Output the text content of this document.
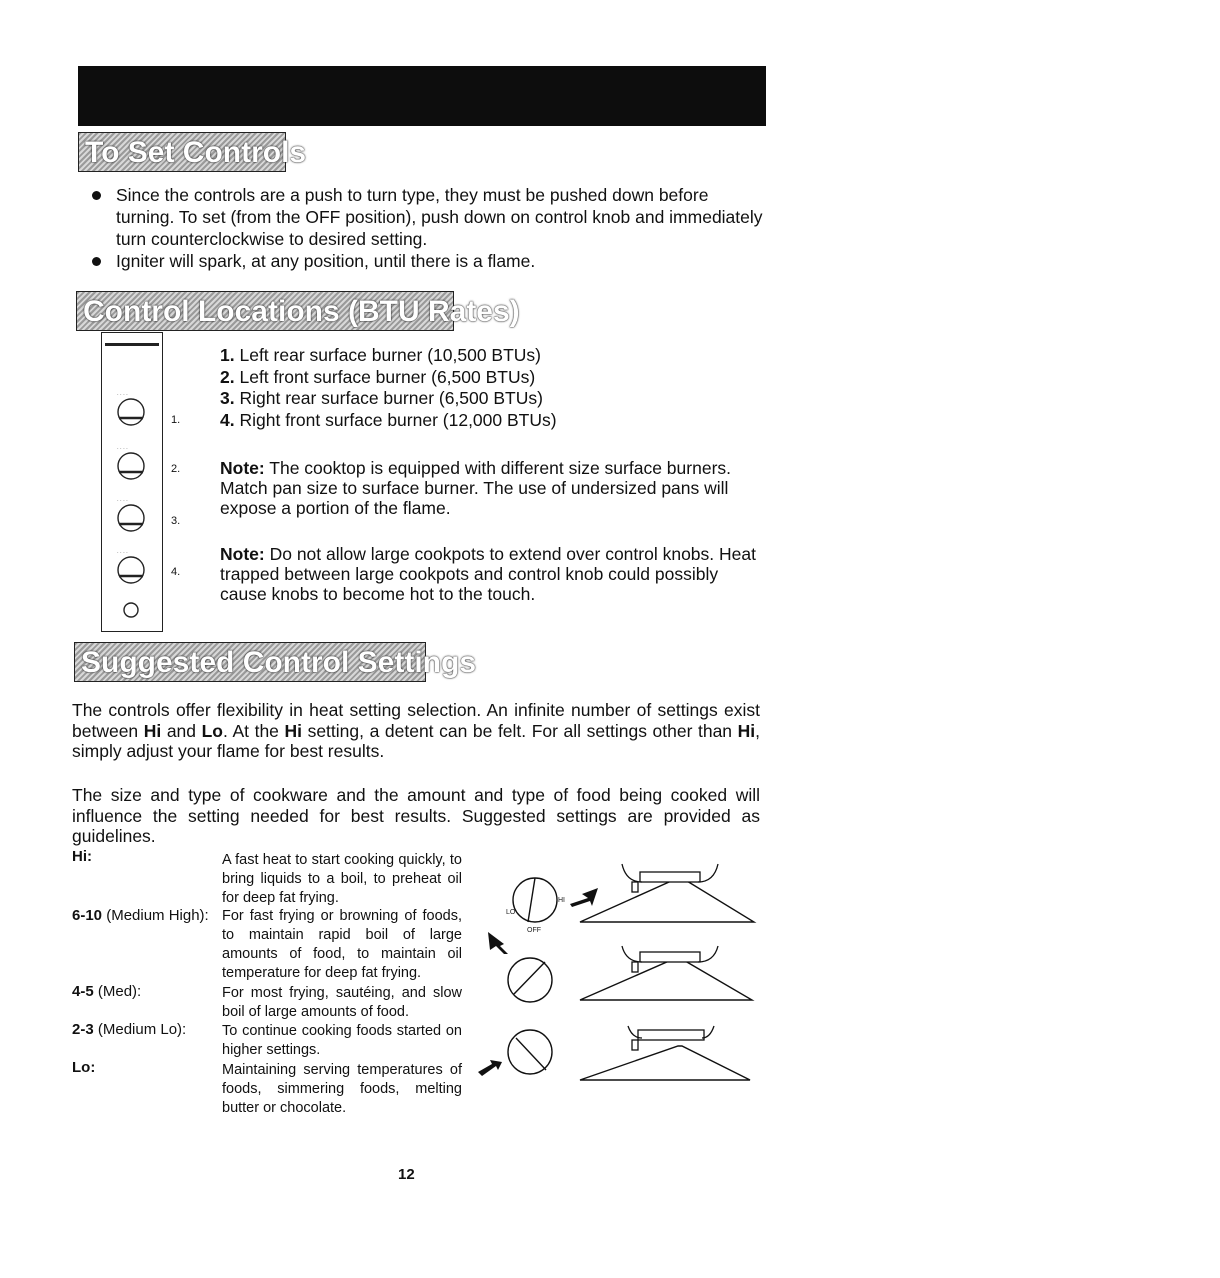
To Set Controls
Since the controls are a push to turn type, they must be pushed down before turning. To set (from the OFF position), push down on control knob and immediately turn counterclockwise to desired setting.
Igniter will spark, at any position, until there is a flame.
Control Locations (BTU Rates)
· · · ·
· · · ·
· · · ·
· · · ·
1.
2.
3.
4.
1. Left rear surface burner (10,500 BTUs)
2. Left front surface burner (6,500 BTUs)
3. Right rear surface burner (6,500 BTUs)
4. Right front surface burner (12,000 BTUs)

Note: The cooktop is equipped with different size surface burners. Match pan size to surface burner. The use of undersized pans will expose a portion of the flame.

Note: Do not allow large cookpots to extend over control knobs. Heat trapped between large cookpots and control knob could possibly cause knobs to become hot to the touch.

Suggested Control Settings

The controls offer flexibility in heat setting selection. An infinite number of settings exist between Hi and Lo. At the Hi setting, a detent can be felt. For all settings other than Hi, simply adjust your flame for best results.

The size and type of cookware and the amount and type of food being cooked will influence the setting needed for best results. Suggested settings are provided as guidelines.

Hi:	A fast heat to start cooking quickly, to bring liquids to a boil, to preheat oil for deep fat frying.

6-10 (Medium High): For fast frying or browning of foods, to maintain rapid boil of large amounts of food, to maintain oil temperature for deep fat frying.

4-5 (Med):	For most frying, sautéing, and slow boil of large amounts of food.

2-3 (Medium Lo): To continue cooking foods started on higher settings.

Lo:	Maintaining serving temperatures of foods, simmering foods, melting butter or chocolate.

OFF
HI
LO
12
